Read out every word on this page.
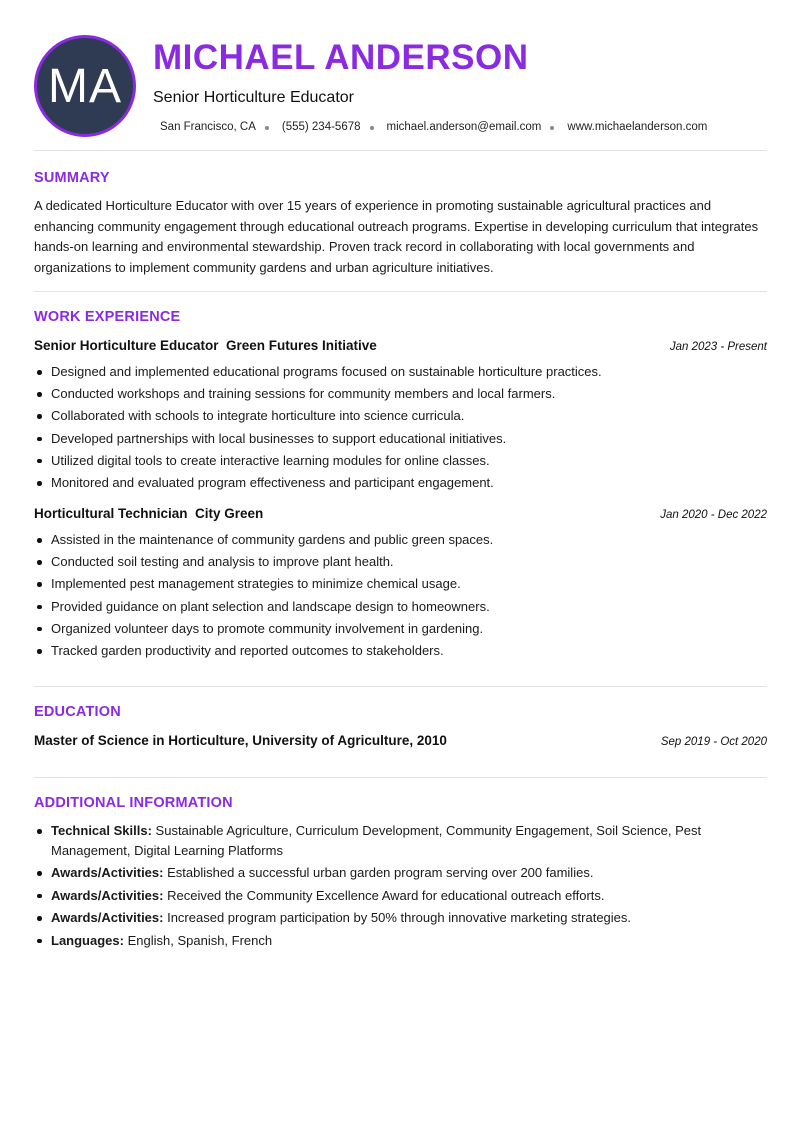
MA
MICHAEL ANDERSON
Senior Horticulture Educator
San Francisco, CA (555) 234-5678 michael.anderson@email.com www.michaelanderson.com
SUMMARY

A dedicated Horticulture Educator with over 15 years of experience in promoting sustainable agricultural practices and enhancing community engagement through educational outreach programs. Expertise in developing curriculum that integrates hands-on learning and environmental stewardship. Proven track record in collaborating with local governments and organizations to implement community gardens and urban agriculture initiatives.

WORK EXPERIENCE
Senior Horticulture Educator  Green Futures Initiative	Jan 2023 - Present
Designed and implemented educational programs focused on sustainable horticulture practices.
Conducted workshops and training sessions for community members and local farmers.
Collaborated with schools to integrate horticulture into science curricula.
Developed partnerships with local businesses to support educational initiatives.
Utilized digital tools to create interactive learning modules for online classes.
Monitored and evaluated program effectiveness and participant engagement.
Horticultural Technician  City Green	Jan 2020 - Dec 2022
Assisted in the maintenance of community gardens and public green spaces.
Conducted soil testing and analysis to improve plant health.
Implemented pest management strategies to minimize chemical usage.
Provided guidance on plant selection and landscape design to homeowners.
Organized volunteer days to promote community involvement in gardening.
Tracked garden productivity and reported outcomes to stakeholders.
EDUCATION
Master of Science in Horticulture, University of Agriculture, 2010	Sep 2019 - Oct 2020
ADDITIONAL INFORMATION
Technical Skills: Sustainable Agriculture, Curriculum Development, Community Engagement, Soil Science, Pest Management, Digital Learning Platforms
Awards/Activities: Established a successful urban garden program serving over 200 families.
Awards/Activities: Received the Community Excellence Award for educational outreach efforts.
Awards/Activities: Increased program participation by 50% through innovative marketing strategies.
Languages: English, Spanish, French
